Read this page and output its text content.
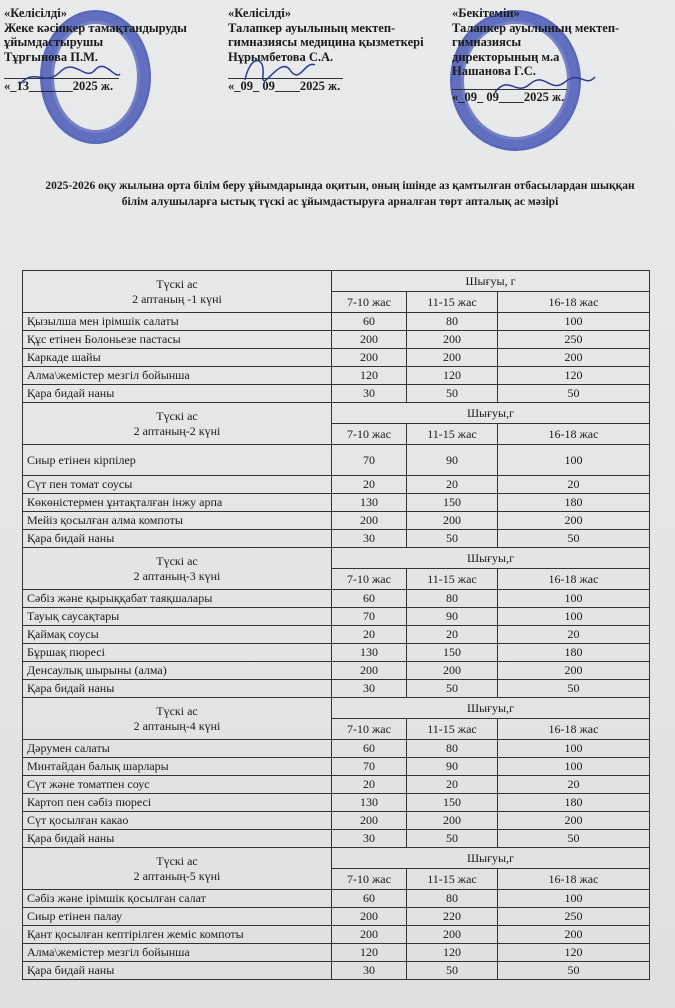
«Келісілді»
Жеке кәсіпкер тамақтандыруды
ұйымдастырушы
Тұрғынова П.М.
«_13_______2025 ж.
«Келісілді»
Талапкер ауылының мектеп-
гимназиясы медицина қызметкері
Нұрымбетова С.А.
«_09_ 09____2025 ж.
«Бекітемін»
Талапкер ауылының мектеп-
гимназиясы
директорының м.а
Нашанова Г.С.
«_09_ 09____2025 ж.
2025-2026 оқу жылына орта білім беру ұйымдарында оқитын, оның ішінде аз қамтылған отбасылардан шыққан білім алушыларға ыстық түскі ас ұйымдастыруға арналған төрт апталық ас мәзірі
Түскі ас
2 аптаның -1 күні	Шығуы, г		
	7-10 жас	11-15 жас	16-18 жас
Қызылша мен ірімшік салаты	60	80	100
Құс етінен Болоньезе пастасы	200	200	250
Каркаде шайы	200	200	200
Алма\жемістер мезгіл бойынша	120	120	120
Қара бидай наны	30	50	50

Түскі ас
2 аптаның-2 күні	Шығуы,г		
	7-10 жас	11-15 жас	16-18 жас
Сиыр етінен кірпілер	70	90	100
Сүт пен томат соусы	20	20	20
Көкөністермен ұнтақталған інжу арпа	130	150	180
Мейіз қосылған алма компоты	200	200	200
Қара бидай наны	30	50	50

Түскі ас
2 аптаның-3 күні	Шығуы,г		
	7-10 жас	11-15 жас	16-18 жас
Сәбіз және қырыққабат таяқшалары	60	80	100
Тауық саусақтары	70	90	100
Қаймақ соусы	20	20	20
Бұршақ пюресі	130	150	180
Денсаулық шырыны (алма)	200	200	200
Қара бидай наны	30	50	50

Түскі ас
2 аптаның-4 күні	Шығуы,г		
	7-10 жас	11-15 жас	16-18 жас
Дәрумен салаты	60	80	100
Минтайдан балық шарлары	70	90	100
Сүт және томатпен соус	20	20	20
Картоп пен сәбіз пюресі	130	150	180
Сүт қосылған какао	200	200	200
Қара бидай наны	30	50	50

Түскі ас
2 аптаның-5 күні	Шығуы,г		
	7-10 жас	11-15 жас	16-18 жас
Сәбіз және ірімшік қосылған салат	60	80	100
Сиыр етінен палау	200	220	250
Қант қосылған кептірілген жеміс компоты	200	200	200
Алма\жемістер мезгіл бойынша	120	120	120
Қара бидай наны	30	50	50
